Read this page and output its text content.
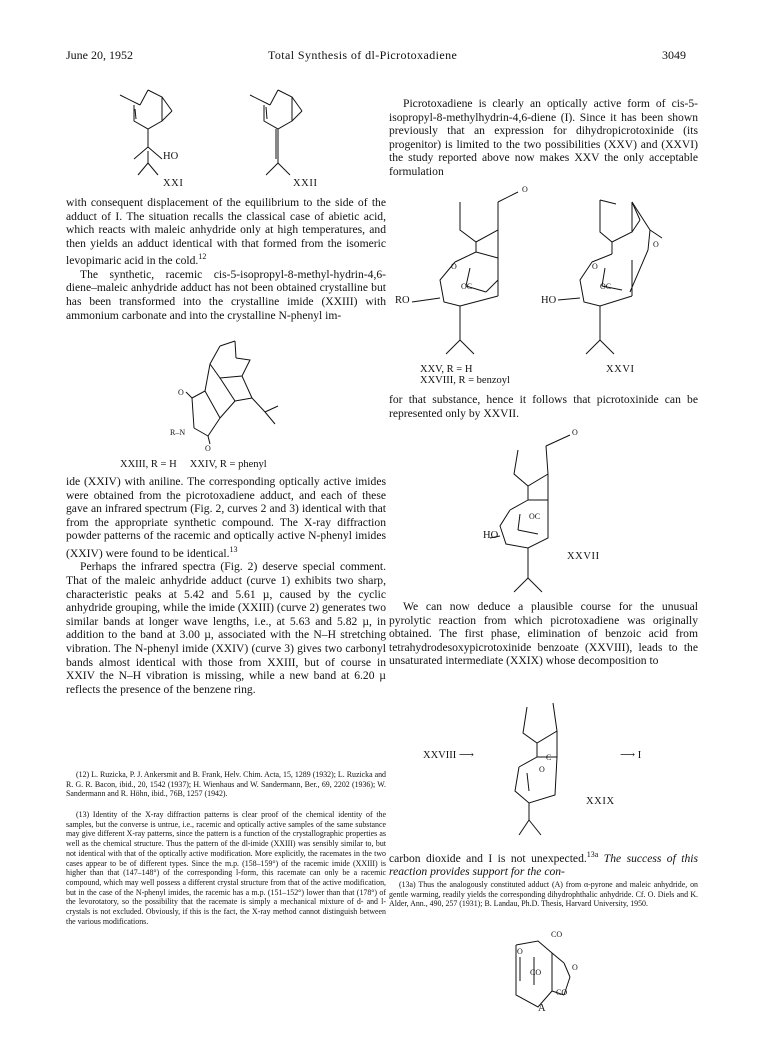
June 20, 1952	Total Synthesis of dl-Picrotoxadiene	3049
HO
XXI	XXII

with consequent displacement of the equilibrium to the side of the adduct of I. The situation recalls the classical case of abietic acid, which reacts with maleic anhydride only at high temperatures, and then yields an adduct identical with that formed from the isomeric levopimaric acid in the cold.$^{12}$

The synthetic, racemic cis-5-isopropyl-8-methyl-hydrin-4,6-diene–maleic anhydride adduct has not been obtained crystalline but has been transformed into the crystalline imide (XXIII) with ammonium carbonate and into the crystalline N-phenyl im-

O
R–N
O
XXIII, R = H     XXIV, R = phenyl

ide (XXIV) with aniline. The corresponding optically active imides were obtained from the picrotoxadiene adduct, and each of these gave an infrared spectrum (Fig. 2, curves 2 and 3) identical with that from the appropriate synthetic compound. The X-ray diffraction powder patterns of the racemic and optically active N-phenyl imides (XXIV) were found to be identical.$^{13}$

Perhaps the infrared spectra (Fig. 2) deserve special comment. That of the maleic anhydride adduct (curve 1) exhibits two sharp, characteristic peaks at 5.42 and 5.61 µ, caused by the cyclic anhydride grouping, while the imide (XXIII) (curve 2) generates two similar bands at longer wave lengths, i.e., at 5.63 and 5.82 µ, in addition to the band at 3.00 µ, associated with the N–H stretching vibration. The N-phenyl imide (XXIV) (curve 3) gives two carbonyl bands almost identical with those from XXIII, but of course in XXIV the N–H vibration is missing, while a new band at 6.20 µ reflects the presence of the benzene ring.

(12) L. Ruzicka, P. J. Ankersmit and B. Frank, Helv. Chim. Acta, 15, 1289 (1932); L. Ruzicka and R. G. R. Bacon, ibid., 20, 1542 (1937); H. Wienhaus and W. Sandermann, Ber., 69, 2202 (1936); W. Sandermann and R. Höhn, ibid., 76B, 1257 (1942).
(13) Identity of the X-ray diffraction patterns is clear proof of the chemical identity of the samples, but the converse is untrue, i.e., racemic and optically active samples of the same substance may give different X-ray patterns, since the pattern is a function of the crystallographic properties as well as the chemical structure. Thus the pattern of the dl-imide (XXIII) was sensibly similar to, but not identical with that of the optically active modification. More explicitly, the racemates in the two cases appear to be of different types. Since the m.p. (158–159°) of the racemic imide (XXIII) is higher than that (147–148°) of the corresponding l-form, this racemate can only be a racemic compound, which may well possess a different crystal structure from that of the active modification, but in the case of the N-phenyl imides, the racemic has a m.p. (151–152°) lower than that (178°) of the levorotatory, so the possibility that the racemate is simply a mechanical mixture of d- and l-crystals is not excluded. Obviously, if this is the fact, the X-ray method cannot distinguish between the various modifications.

Picrotoxadiene is clearly an optically active form of cis-5-isopropyl-8-methylhydrin-4,6-diene (I). Since it has been shown previously that an expression for dihydropicrotoxinide (its progenitor) is limited to the two possibilities (XXV) and (XXVI) the study reported above now makes XXV the only acceptable formulation

O
O
O
OC
O
OC
RO	HO
XXV, R = H
XXVIII, R = benzoyl
XXVI
for that substance, hence it follows that picrotoxinide can be represented only by XXVII.
O
OC
HO
XXVII

We can now deduce a plausible course for the unusual pyrolytic reaction from which picrotoxadiene was originally obtained. The first phase, elimination of benzoic acid from tetrahydrodesoxypicrotoxinide benzoate (XXVIII), leads to the unsaturated intermediate (XXIX) whose decomposition to

XXVIII ⟶	⟶ I
C
O
XXIX
carbon dioxide and I is not unexpected.$^{13a}$ The success of this reaction provides support for the con-
(13a) Thus the analogously constituted adduct (A) from α-pyrone and maleic anhydride, on gentle warming, readily yields the corresponding dihydrophthalic anhydride. Cf. O. Diels and K. Alder, Ann., 490, 257 (1931); B. Landau, Ph.D. Thesis, Harvard University, 1950.
CO
O
CO
O
CO
A
